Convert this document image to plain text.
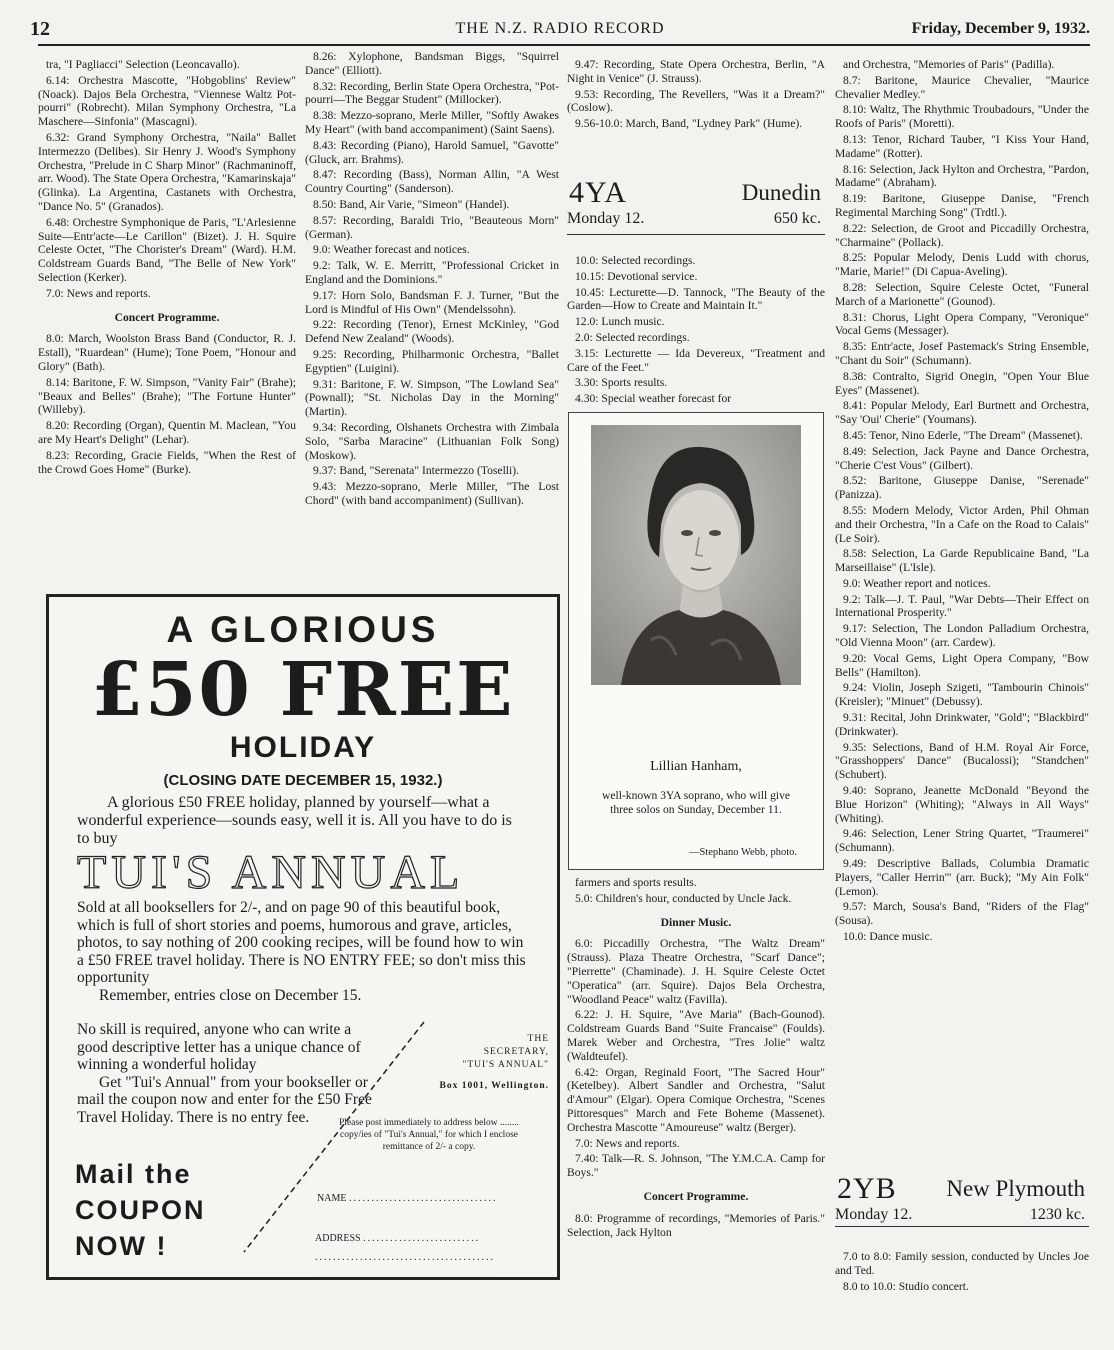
12	THE N.Z. RADIO RECORD	Friday, December 9, 1932.

tra, "I Pagliacci" Selection (Leoncavallo).

6.14: Orchestra Mascotte, "Hobgoblins' Review" (Noack). Dajos Bela Orchestra, "Viennese Waltz Pot-pourri" (Robrecht). Milan Symphony Orchestra, "La Maschere—Sinfonia" (Mascagni).

6.32: Grand Symphony Orchestra, "Naila" Ballet Intermezzo (Delibes). Sir Henry J. Wood's Symphony Orchestra, "Prelude in C Sharp Minor" (Rachmaninoff, arr. Wood). The State Opera Orchestra, "Kamarinskaja" (Glinka). La Argentina, Castanets with Orchestra, "Dance No. 5" (Granados).

6.48: Orchestre Symphonique de Paris, "L'Arlesienne Suite—Entr'acte—Le Carillon" (Bizet). J. H. Squire Celeste Octet, "The Chorister's Dream" (Ward). H.M. Coldstream Guards Band, "The Belle of New York" Selection (Kerker).

7.0: News and reports.

Concert Programme.

8.0: March, Woolston Brass Band (Conductor, R. J. Estall), "Ruardean" (Hume); Tone Poem, "Honour and Glory" (Bath).

8.14: Baritone, F. W. Simpson, "Vanity Fair" (Brahe); "Beaux and Belles" (Brahe); "The Fortune Hunter" (Willeby).

8.20: Recording (Organ), Quentin M. Maclean, "You are My Heart's Delight" (Lehar).

8.23: Recording, Gracie Fields, "When the Rest of the Crowd Goes Home" (Burke).

8.26: Xylophone, Bandsman Biggs, "Squirrel Dance" (Elliott).

8.32: Recording, Berlin State Opera Orchestra, "Pot-pourri—The Beggar Student" (Millocker).

8.38: Mezzo-soprano, Merle Miller, "Softly Awakes My Heart" (with band accompaniment) (Saint Saens).

8.43: Recording (Piano), Harold Samuel, "Gavotte" (Gluck, arr. Brahms).

8.47: Recording (Bass), Norman Allin, "A West Country Courting" (Sanderson).

8.50: Band, Air Varie, "Simeon" (Handel).

8.57: Recording, Baraldi Trio, "Beauteous Morn" (German).

9.0: Weather forecast and notices.

9.2: Talk, W. E. Merritt, "Professional Cricket in England and the Dominions."

9.17: Horn Solo, Bandsman F. J. Turner, "But the Lord is Mindful of His Own" (Mendelssohn).

9.22: Recording (Tenor), Ernest McKinley, "God Defend New Zealand" (Woods).

9.25: Recording, Philharmonic Orchestra, "Ballet Egyptien" (Luigini).

9.31: Baritone, F. W. Simpson, "The Lowland Sea" (Pownall); "St. Nicholas Day in the Morning" (Martin).

9.34: Recording, Olshanets Orchestra with Zimbala Solo, "Sarba Maracine" (Lithuanian Folk Song) (Moskow).

9.37: Band, "Serenata" Intermezzo (Toselli).

9.43: Mezzo-soprano, Merle Miller, "The Lost Chord" (with band accompaniment) (Sullivan).

9.47: Recording, State Opera Orchestra, Berlin, "A Night in Venice" (J. Strauss).

9.53: Recording, The Revellers, "Was it a Dream?" (Coslow).

9.56-10.0: March, Band, "Lydney Park" (Hume).

4YA	Dunedin
Monday 12.	650 kc.

10.0: Selected recordings.

10.15: Devotional service.

10.45: Lecturette—D. Tannock, "The Beauty of the Garden—How to Create and Maintain It."

12.0: Lunch music.

2.0: Selected recordings.

3.15: Lecturette — Ida Devereux, "Treatment and Care of the Feet."

3.30: Sports results.

4.30: Special weather forecast for

Lillian Hanham,
well-known 3YA soprano, who will give three solos on Sunday, December 11.
—Stephano Webb, photo.

farmers and sports results.

5.0: Children's hour, conducted by Uncle Jack.

Dinner Music.

6.0: Piccadilly Orchestra, "The Waltz Dream" (Strauss). Plaza Theatre Orchestra, "Scarf Dance"; "Pierrette" (Chaminade). J. H. Squire Celeste Octet "Operatica" (arr. Squire). Dajos Bela Orchestra, "Woodland Peace" waltz (Favilla).

6.22: J. H. Squire, "Ave Maria" (Bach-Gounod). Coldstream Guards Band "Suite Francaise" (Foulds). Marek Weber and Orchestra, "Tres Jolie" waltz (Waldteufel).

6.42: Organ, Reginald Foort, "The Sacred Hour" (Ketelbey). Albert Sandler and Orchestra, "Salut d'Amour" (Elgar). Opera Comique Orchestra, "Scenes Pittoresques" March and Fete Boheme (Massenet). Orchestra Mascotte "Amoureuse" waltz (Berger).

7.0: News and reports.

7.40: Talk—R. S. Johnson, "The Y.M.C.A. Camp for Boys."

Concert Programme.

8.0: Programme of recordings, "Memories of Paris." Selection, Jack Hylton

and Orchestra, "Memories of Paris" (Padilla).

8.7: Baritone, Maurice Chevalier, "Maurice Chevalier Medley."

8.10: Waltz, The Rhythmic Troubadours, "Under the Roofs of Paris" (Moretti).

8.13: Tenor, Richard Tauber, "I Kiss Your Hand, Madame" (Rotter).

8.16: Selection, Jack Hylton and Orchestra, "Pardon, Madame" (Abraham).

8.19: Baritone, Giuseppe Danise, "French Regimental Marching Song" (Trdtl.).

8.22: Selection, de Groot and Piccadilly Orchestra, "Charmaine" (Pollack).

8.25: Popular Melody, Denis Ludd with chorus, "Marie, Marie!" (Di Capua-Aveling).

8.28: Selection, Squire Celeste Octet, "Funeral March of a Marionette" (Gounod).

8.31: Chorus, Light Opera Company, "Veronique" Vocal Gems (Messager).

8.35: Entr'acte, Josef Pastemack's String Ensemble, "Chant du Soir" (Schumann).

8.38: Contralto, Sigrid Onegin, "Open Your Blue Eyes" (Massenet).

8.41: Popular Melody, Earl Burtnett and Orchestra, "Say 'Oui' Cherie" (Youmans).

8.45: Tenor, Nino Ederle, "The Dream" (Massenet).

8.49: Selection, Jack Payne and Dance Orchestra, "Cherie C'est Vous" (Gilbert).

8.52: Baritone, Giuseppe Danise, "Serenade" (Panizza).

8.55: Modern Melody, Victor Arden, Phil Ohman and their Orchestra, "In a Cafe on the Road to Calais" (Le Soir).

8.58: Selection, La Garde Republicaine Band, "La Marseillaise" (L'Isle).

9.0: Weather report and notices.

9.2: Talk—J. T. Paul, "War Debts—Their Effect on International Prosperity."

9.17: Selection, The London Palladium Orchestra, "Old Vienna Moon" (arr. Cardew).

9.20: Vocal Gems, Light Opera Company, "Bow Bells" (Hamilton).

9.24: Violin, Joseph Szigeti, "Tambourin Chinois" (Kreisler); "Minuet" (Debussy).

9.31: Recital, John Drinkwater, "Gold"; "Blackbird" (Drinkwater).

9.35: Selections, Band of H.M. Royal Air Force, "Grasshoppers' Dance" (Bucalossi); "Standchen" (Schubert).

9.40: Soprano, Jeanette McDonald "Beyond the Blue Horizon" (Whiting); "Always in All Ways" (Whiting).

9.46: Selection, Lener String Quartet, "Traumerei" (Schumann).

9.49: Descriptive Ballads, Columbia Dramatic Players, "Caller Herrin'" (arr. Buck); "My Ain Folk" (Lemon).

9.57: March, Sousa's Band, "Riders of the Flag" (Sousa).

10.0: Dance music.

2YB New Plymouth
Monday 12.	1230 kc.

7.0 to 8.0: Family session, conducted by Uncles Joe and Ted.

8.0 to 10.0: Studio concert.

A GLORIOUS
£50 FREE
HOLIDAY
(CLOSING DATE DECEMBER 15, 1932.)

A glorious £50 FREE holiday, planned by yourself—what a wonderful experience—sounds easy, well it is. All you have to do is to buy

TUI'S ANNUAL

Sold at all booksellers for 2/-, and on page 90 of this beautiful book, which is full of short stories and poems, humorous and grave, articles, photos, to say nothing of 200 cooking recipes, will be found how to win a £50 FREE travel holiday. There is NO ENTRY FEE; so don't miss this opportunity

Remember, entries close on December 15.

No skill is required, anyone who can write a good descriptive letter has a unique chance of winning a wonderful holiday

Get "Tui's Annual" from your bookseller or mail the coupon now and enter for the £50 Free Travel Holiday. There is no entry fee.

Mail the
COUPON
NOW !
THE
SECRETARY,
"TUI'S ANNUAL"
Box 1001, Wellington.
Please post immediately to address below ........ copy/ies of "Tui's Annual," for which I enclose remittance of 2/- a copy.
NAME .................................
ADDRESS ..........................
........................................
........................................
